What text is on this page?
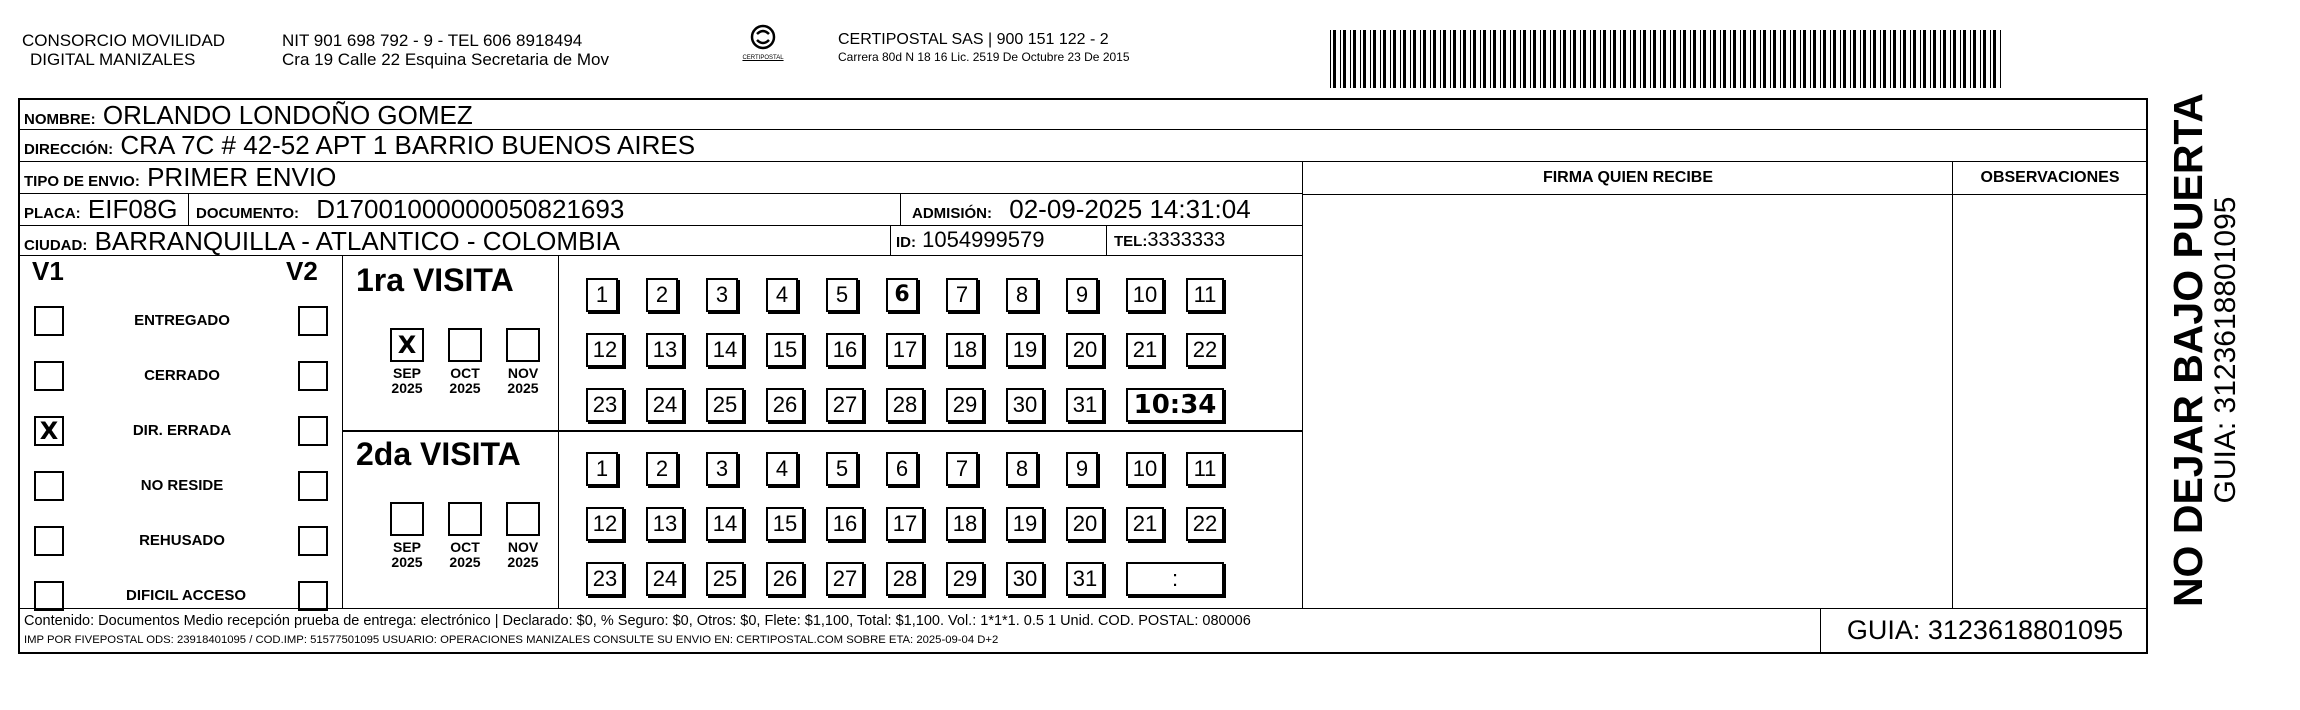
CONSORCIO MOVILIDAD
DIGITAL MANIZALES
NIT 901 698 792 - 9 - TEL 606 8918494
Cra 19 Calle 22 Esquina Secretaria de Mov	CERTIPOSTAL
CERTIPOSTAL SAS | 900 151 122 - 2
Carrera 80d N 18 16 Lic. 2519 De Octubre 23 De 2015
NOMBRE: ORLANDO LONDOÑO GOMEZ
DIRECCIÓN: CRA 7C # 42-52 APT 1 BARRIO BUENOS AIRES
TIPO DE ENVIO: PRIMER ENVIO
PLACA: EIF08G	DOCUMENTO: D17001000000050821693	ADMISIÓN: 02-09-2025 14:31:04
CIUDAD: BARRANQUILLA - ATLANTICO - COLOMBIA	ID: 1054999579	TEL:3333333
FIRMA QUIEN RECIBE	OBSERVACIONES
V1	V2
ENTREGADO
CERRADO
X	DIR. ERRADA
NO RESIDE
REHUSADO
DIFICIL ACCESO
1ra VISITA
2da VISITA
X
SEP
2025
OCT
2025
NOV
2025
1	2	3	4	5	6	7	8	9	10	11
12	13	14	15	16	17	18	19	20	21	22
23	24	25	26	27	28	29	30	31 10:34
SEP
2025
OCT
2025
NOV
2025
1	2	3	4	5	6	7	8	9	10	11
12	13	14	15	16	17	18	19	20	21	22
23	24	25	26	27	28	29	30	31	:
Contenido: Documentos Medio recepción prueba de entrega: electrónico | Declarado: $0, % Seguro: $0, Otros: $0, Flete: $1,100, Total: $1,100. Vol.: 1*1*1. 0.5 1 Unid. COD. POSTAL: 080006
IMP POR FIVEPOSTAL ODS: 23918401095 / COD.IMP: 51577501095 USUARIO: OPERACIONES MANIZALES CONSULTE SU ENVIO EN: CERTIPOSTAL.COM SOBRE ETA: 2025-09-04 D+2	GUIA: 3123618801095
NO DEJAR BAJO PUERTA
GUIA: 3123618801095
